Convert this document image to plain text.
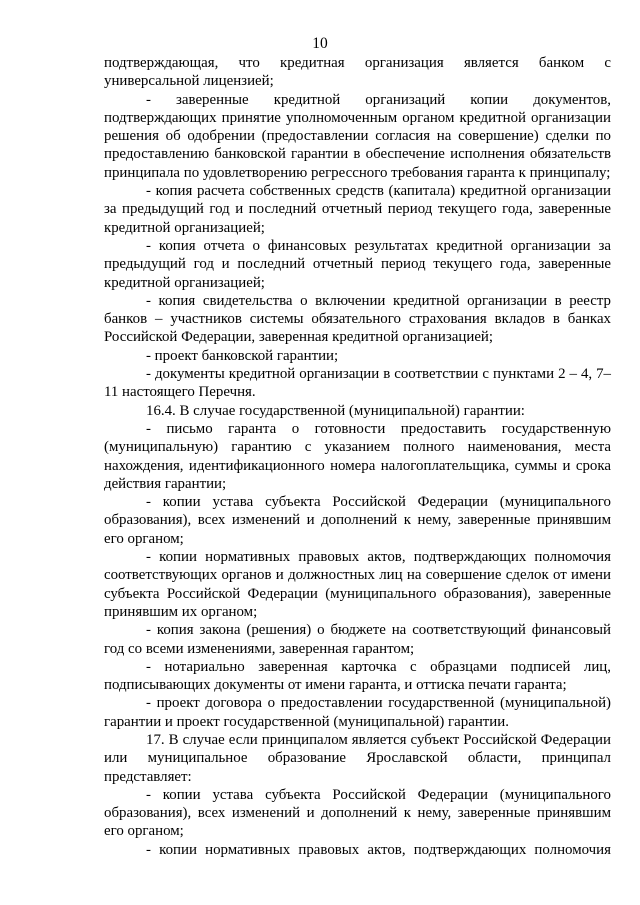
10

подтверждающая, что кредитная организация является банком с универсальной лицензией;

- заверенные кредитной организаций копии документов, подтверждающих принятие уполномоченным органом кредитной организации решения об одобрении (предоставлении согласия на совершение) сделки по предоставлению банковской гарантии в обеспечение исполнения обязательств принципала по удовлетворению регрессного требования гаранта к принципалу;

- копия расчета собственных средств (капитала) кредитной организации за предыдущий год и последний отчетный период текущего года, заверенные кредитной организацией;

- копия отчета о финансовых результатах кредитной организации за предыдущий год и последний отчетный период текущего года, заверенные кредитной организацией;

- копия свидетельства о включении кредитной организации в реестр банков – участников системы обязательного страхования вкладов в банках Российской Федерации, заверенная кредитной организацией;

- проект банковской гарантии;

- документы кредитной организации в соответствии с пунктами 2 – 4, 7– 11 настоящего Перечня.

16.4. В случае государственной (муниципальной) гарантии:

- письмо гаранта о готовности предоставить государственную (муниципальную) гарантию с указанием полного наименования, места нахождения, идентификационного номера налогоплательщика, суммы и срока действия гарантии;

- копии устава субъекта Российской Федерации (муниципального образования), всех изменений и дополнений к нему, заверенные принявшим его органом;

- копии нормативных правовых актов, подтверждающих полномочия соответствующих органов и должностных лиц на совершение сделок от имени субъекта Российской Федерации (муниципального образования), заверенные принявшим их органом;

- копия закона (решения) о бюджете на соответствующий финансовый год со всеми изменениями, заверенная гарантом;

- нотариально заверенная карточка с образцами подписей лиц, подписывающих документы от имени гаранта, и оттиска печати гаранта;

- проект договора о предоставлении государственной (муниципальной) гарантии и проект государственной (муниципальной) гарантии.

17. В случае если принципалом является субъект Российской Федерации или муниципальное образование Ярославской области, принципал представляет:

- копии устава субъекта Российской Федерации (муниципального образования), всех изменений и дополнений к нему, заверенные принявшим его органом;

- копии нормативных правовых актов, подтверждающих полномочия
